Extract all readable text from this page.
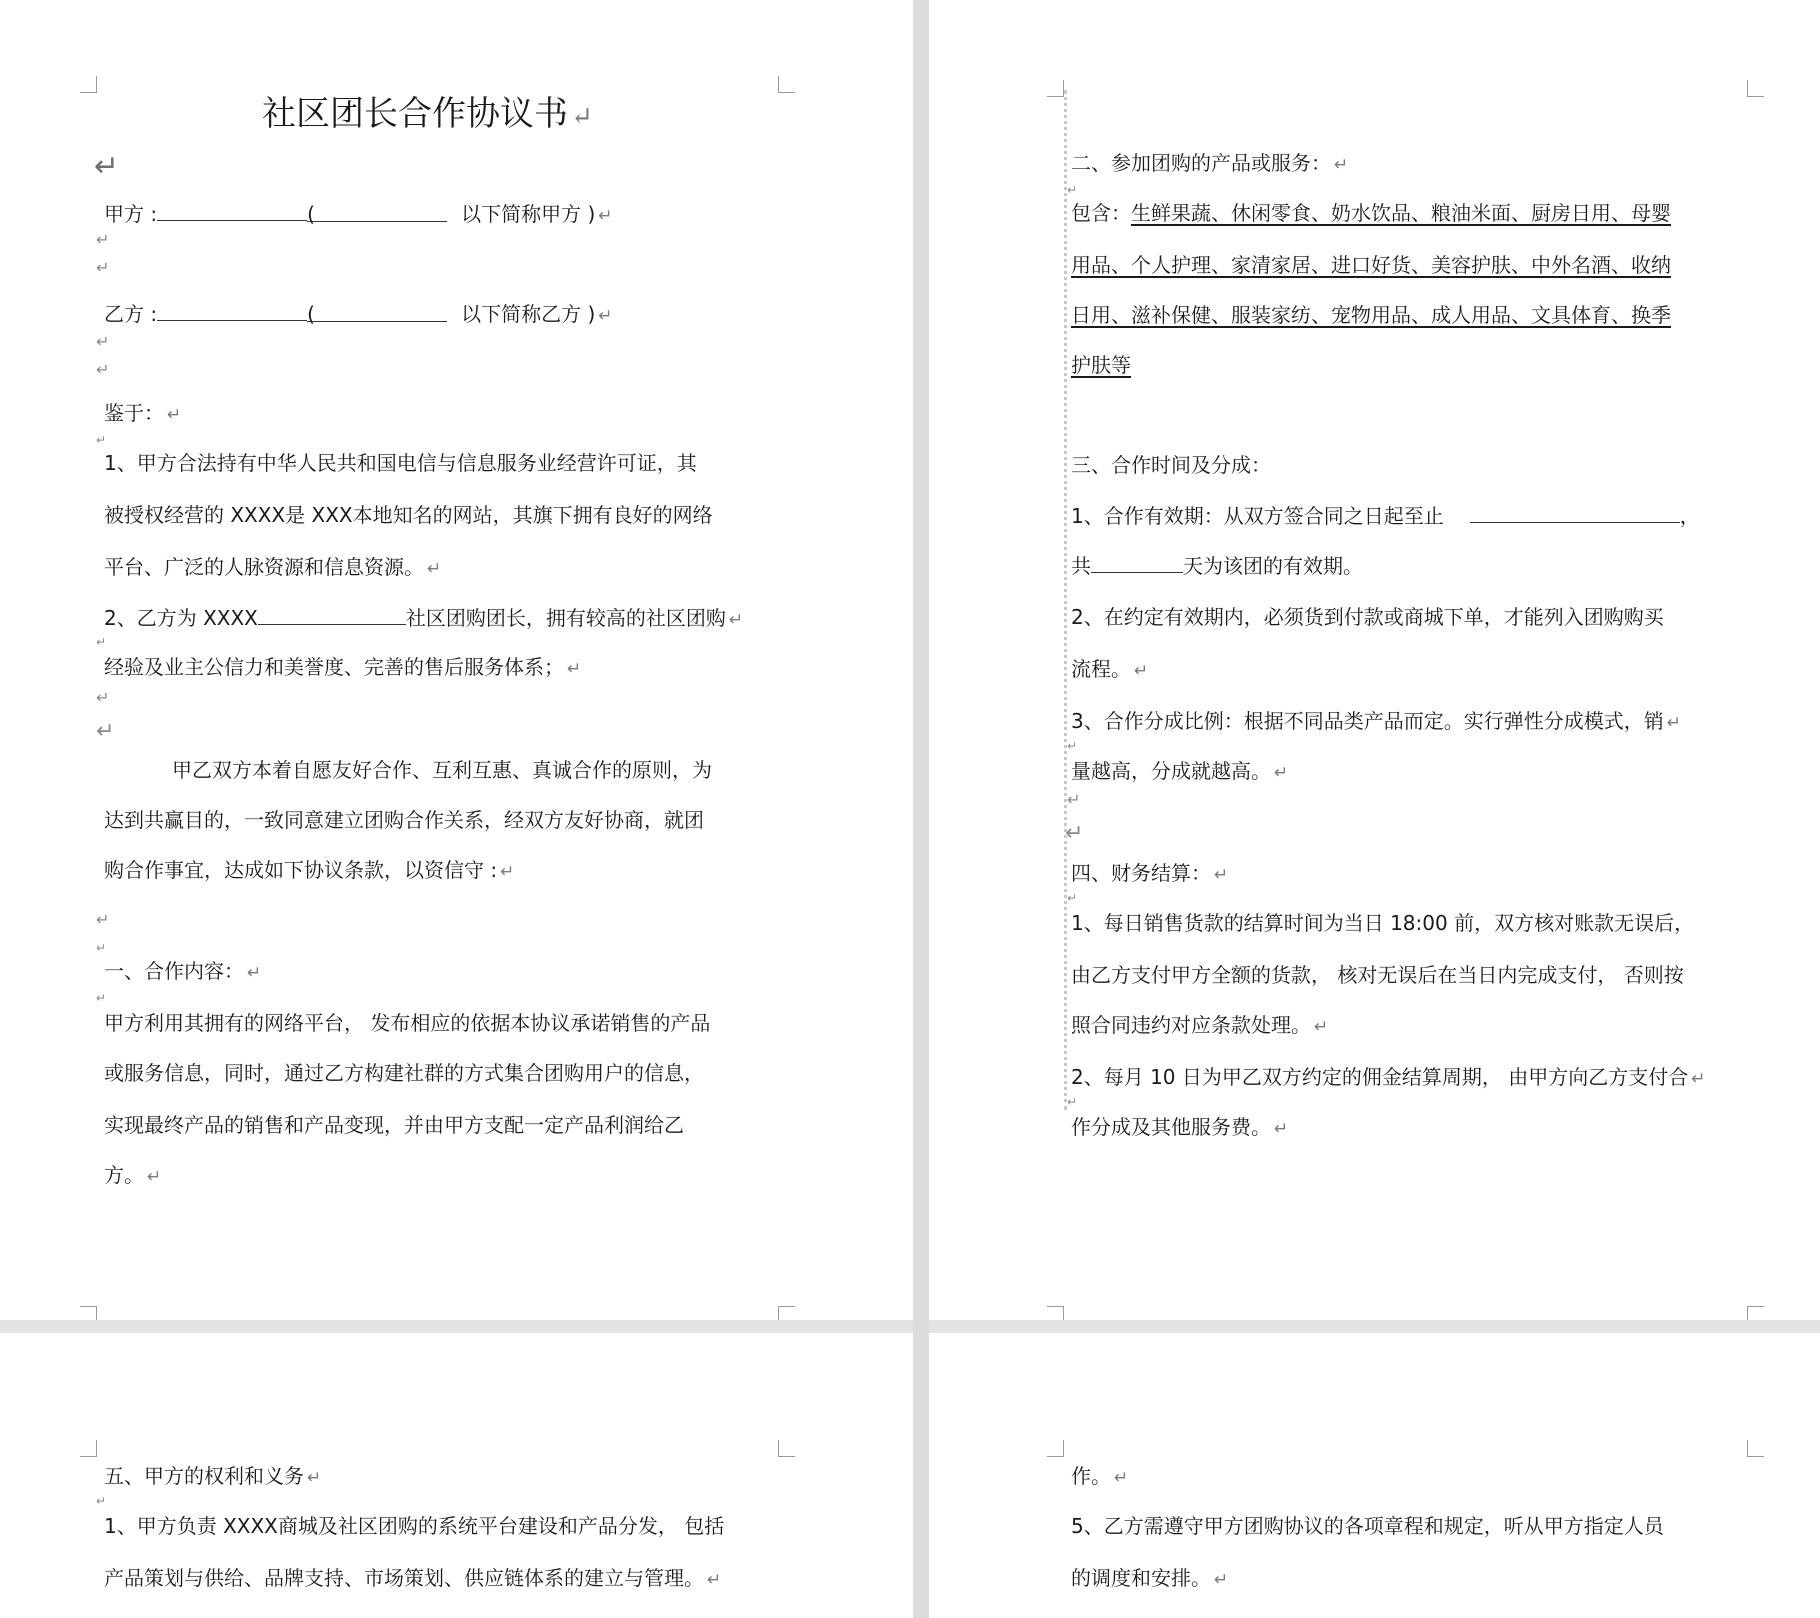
社区团长合作协议书 ↵
↵
甲方 :	(	以下简称甲方 ) ↵
↵
↵
乙方 :	(	以下简称乙方 ) ↵
↵
↵
鉴于： ↵
↵
1、甲方合法持有中华人民共和国电信与信息服务业经营许可证，其
被授权经营的 XXXX是 XXX本地知名的网站，其旗下拥有良好的网络
平台、广泛的人脉资源和信息资源。 ↵
2、乙方为 XXXX	社区团购团长，拥有较高的社区团购 ↵
↵
经验及业主公信力和美誉度、完善的售后服务体系； ↵
↵
↵
甲乙双方本着自愿友好合作、互利互惠、真诚合作的原则，为
达到共赢目的，一致同意建立团购合作关系，经双方友好协商，就团
购合作事宜，达成如下协议条款，以资信守 : ↵
↵
↵
一、合作内容： ↵
↵
甲方利用其拥有的网络平台， 发布相应的依据本协议承诺销售的产品
或服务信息，同时，通过乙方构建社群的方式集合团购用户的信息，
实现最终产品的销售和产品变现，并由甲方支配一定产品利润给乙
方。 ↵
二、参加团购的产品或服务： ↵
↵
包含：生鲜果蔬、休闲零食、奶水饮品、粮油米面、厨房日用、母婴
用品、个人护理、家清家居、进口好货、美容护肤、中外名酒、收纳
日用、滋补保健、服装家纺、宠物用品、成人用品、文具体育、换季
护肤等
三、合作时间及分成：
1、合作有效期：从双方签合同之日起至止	，
共	天为该团的有效期。
2、在约定有效期内，必须货到付款或商城下单，才能列入团购购买
流程。 ↵
3、合作分成比例：根据不同品类产品而定。实行弹性分成模式，销 ↵
↵
量越高，分成就越高。 ↵
↵
↵
四、财务结算： ↵
↵
1、每日销售货款的结算时间为当日 18:00 前，双方核对账款无误后，
由乙方支付甲方全额的货款， 核对无误后在当日内完成支付， 否则按
照合同违约对应条款处理。 ↵
2、每月 10 日为甲乙双方约定的佣金结算周期， 由甲方向乙方支付合 ↵
↵
作分成及其他服务费。 ↵
五、甲方的权利和义务 ↵
↵
1、甲方负责 XXXX商城及社区团购的系统平台建设和产品分发， 包括
产品策划与供给、品牌支持、市场策划、供应链体系的建立与管理。 ↵
作。 ↵
5、乙方需遵守甲方团购协议的各项章程和规定，听从甲方指定人员
的调度和安排。 ↵
